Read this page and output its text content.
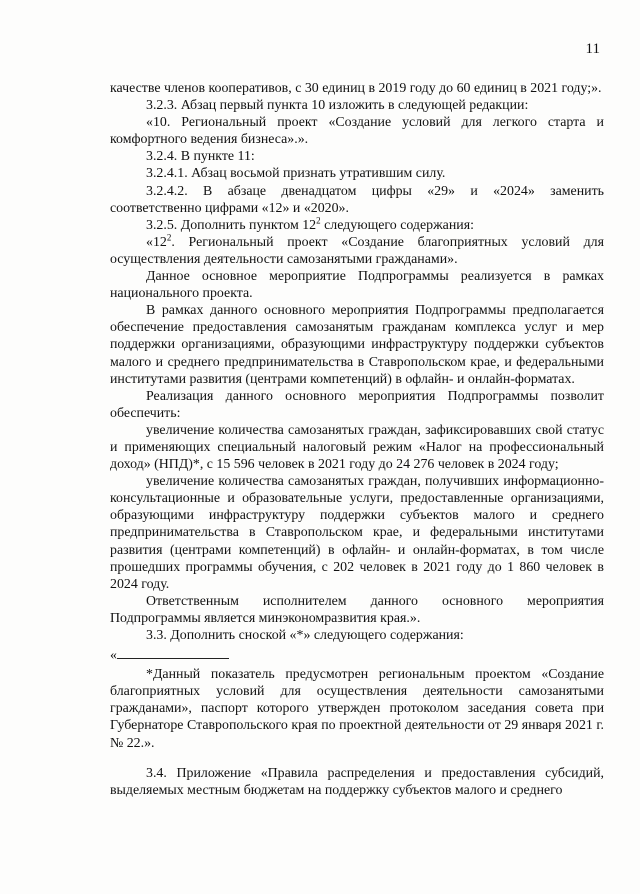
11

качестве членов кооперативов, с 30 единиц в 2019 году до 60 единиц в 2021 году;».

3.2.3. Абзац первый пункта 10 изложить в следующей редакции:

«10. Региональный проект «Создание условий для легкого старта и комфортного ведения бизнеса».».

3.2.4. В пункте 11:

3.2.4.1. Абзац восьмой признать утратившим силу.

3.2.4.2. В абзаце двенадцатом цифры «29» и «2024» заменить соответственно цифрами «12» и «2020».

3.2.5. Дополнить пунктом $12^2$ следующего содержания:

«$12^2$. Региональный проект «Создание благоприятных условий для осуществления деятельности самозанятыми гражданами».

Данное основное мероприятие Подпрограммы реализуется в рамках национального проекта.

В рамках данного основного мероприятия Подпрограммы предполагается обеспечение предоставления самозанятым гражданам комплекса услуг и мер поддержки организациями, образующими инфраструктуру поддержки субъектов малого и среднего предпринимательства в Ставропольском крае, и федеральными институтами развития (центрами компетенций) в офлайн- и онлайн-форматах.

Реализация данного основного мероприятия Подпрограммы позволит обеспечить:

увеличение количества самозанятых граждан, зафиксировавших свой статус и применяющих специальный налоговый режим «Налог на профессиональный доход» (НПД)*, с 15 596 человек в 2021 году до 24 276 человек в 2024 году;

увеличение количества самозанятых граждан, получивших информационно-консультационные и образовательные услуги, предоставленные организациями, образующими инфраструктуру поддержки субъектов малого и среднего предпринимательства в Ставропольском крае, и федеральными институтами развития (центрами компетенций) в офлайн- и онлайн-форматах, в том числе прошедших программы обучения, с 202 человек в 2021 году до 1 860 человек в 2024 году.

Ответственным исполнителем данного основного мероприятия Подпрограммы является минэкономразвития края.».

3.3. Дополнить сноской «*» следующего содержания:

«

*Данный показатель предусмотрен региональным проектом «Создание благоприятных условий для осуществления деятельности самозанятыми гражданами», паспорт которого утвержден протоколом заседания совета при Губернаторе Ставропольского края по проектной деятельности от 29 января 2021 г. № 22.».

3.4. Приложение «Правила распределения и предоставления субсидий, выделяемых местным бюджетам на поддержку субъектов малого и среднего
